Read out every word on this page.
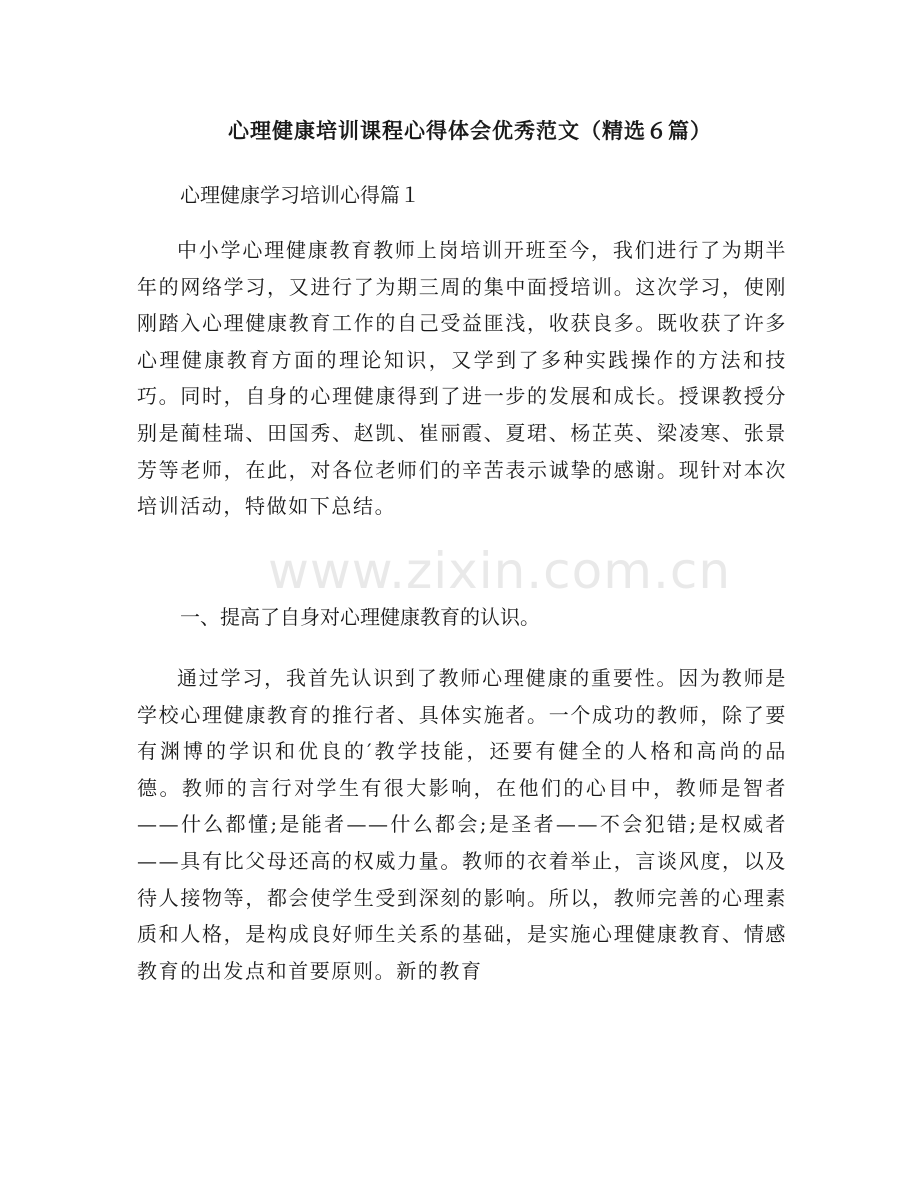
心理健康培训课程心得体会优秀范文（精选６篇）

心理健康学习培训心得篇１

中小学心理健康教育教师上岗培训开班至今，我们进行了为期半年的网络学习，又进行了为期三周的集中面授培训。这次学习，使刚刚踏入心理健康教育工作的自己受益匪浅，收获良多。既收获了许多心理健康教育方面的理论知识，又学到了多种实践操作的方法和技巧。同时，自身的心理健康得到了进一步的发展和成长。授课教授分别是蔺桂瑞、田国秀、赵凯、崔丽霞、夏珺、杨芷英、梁凌寒、张景芳等老师，在此，对各位老师们的辛苦表示诚挚的感谢。现针对本次培训活动，特做如下总结。

一、提高了自身对心理健康教育的认识。

通过学习，我首先认识到了教师心理健康的重要性。因为教师是学校心理健康教育的推行者、具体实施者。一个成功的教师，除了要有渊博的学识和优良的′教学技能，还要有健全的人格和高尚的品德。教师的言行对学生有很大影响，在他们的心目中，教师是智者——什么都懂;是能者——什么都会;是圣者——不会犯错;是权威者——具有比父母还高的权威力量。教师的衣着举止，言谈风度，以及待人接物等，都会使学生受到深刻的影响。所以，教师完善的心理素质和人格，是构成良好师生关系的基础，是实施心理健康教育、情感教育的出发点和首要原则。新的教育

www.zixin.com.cn
